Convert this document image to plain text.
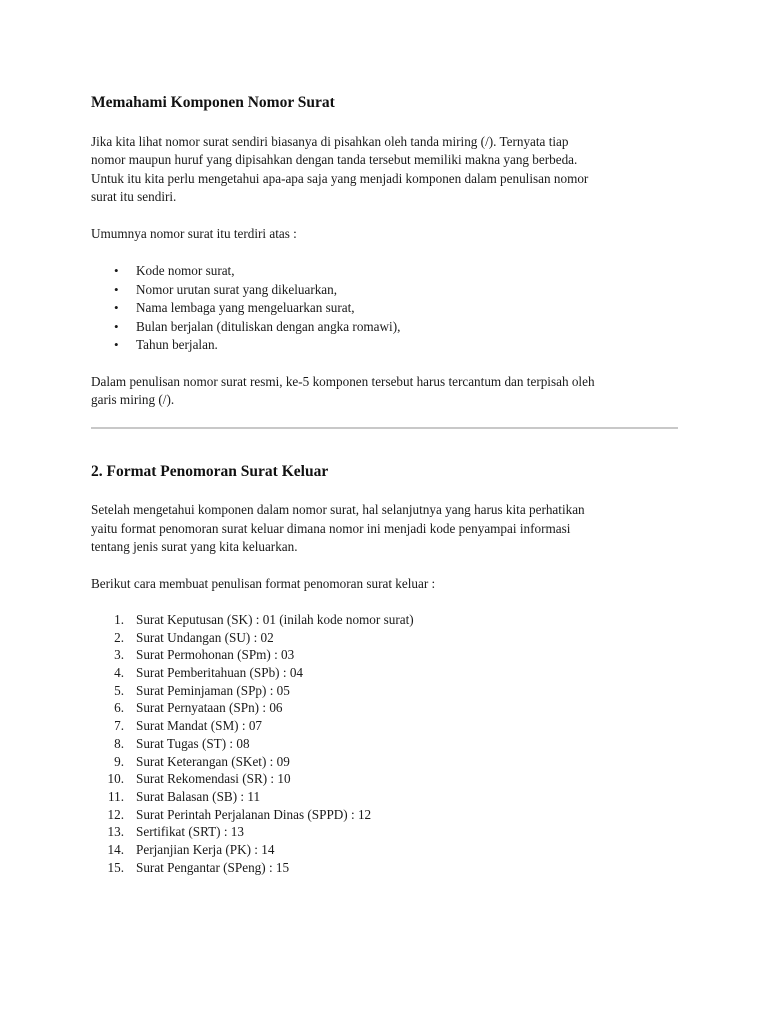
Memahami Komponen Nomor Surat

Jika kita lihat nomor surat sendiri biasanya di pisahkan oleh tanda miring (/). Ternyata tiap

nomor maupun huruf yang dipisahkan dengan tanda tersebut memiliki makna yang berbeda.

Untuk itu kita perlu mengetahui apa-apa saja yang menjadi komponen dalam penulisan nomor

surat itu sendiri.

Umumnya nomor surat itu terdiri atas :

• Kode nomor surat,
• Nomor urutan surat yang dikeluarkan,
• Nama lembaga yang mengeluarkan surat,
• Bulan berjalan (dituliskan dengan angka romawi),
• Tahun berjalan.

Dalam penulisan nomor surat resmi, ke-5 komponen tersebut harus tercantum dan terpisah oleh

garis miring (/).

2. Format Penomoran Surat Keluar

Setelah mengetahui komponen dalam nomor surat, hal selanjutnya yang harus kita perhatikan

yaitu format penomoran surat keluar dimana nomor ini menjadi kode penyampai informasi

tentang jenis surat yang kita keluarkan.

Berikut cara membuat penulisan format penomoran surat keluar :

1. Surat Keputusan (SK) : 01 (inilah kode nomor surat)
2. Surat Undangan (SU) : 02
3. Surat Permohonan (SPm) : 03
4. Surat Pemberitahuan (SPb) : 04
5. Surat Peminjaman (SPp) : 05
6. Surat Pernyataan (SPn) : 06
7. Surat Mandat (SM) : 07
8. Surat Tugas (ST) : 08
9. Surat Keterangan (SKet) : 09
10. Surat Rekomendasi (SR) : 10
11. Surat Balasan (SB) : 11
12. Surat Perintah Perjalanan Dinas (SPPD) : 12
13. Sertifikat (SRT) : 13
14. Perjanjian Kerja (PK) : 14
15. Surat Pengantar (SPeng) : 15
